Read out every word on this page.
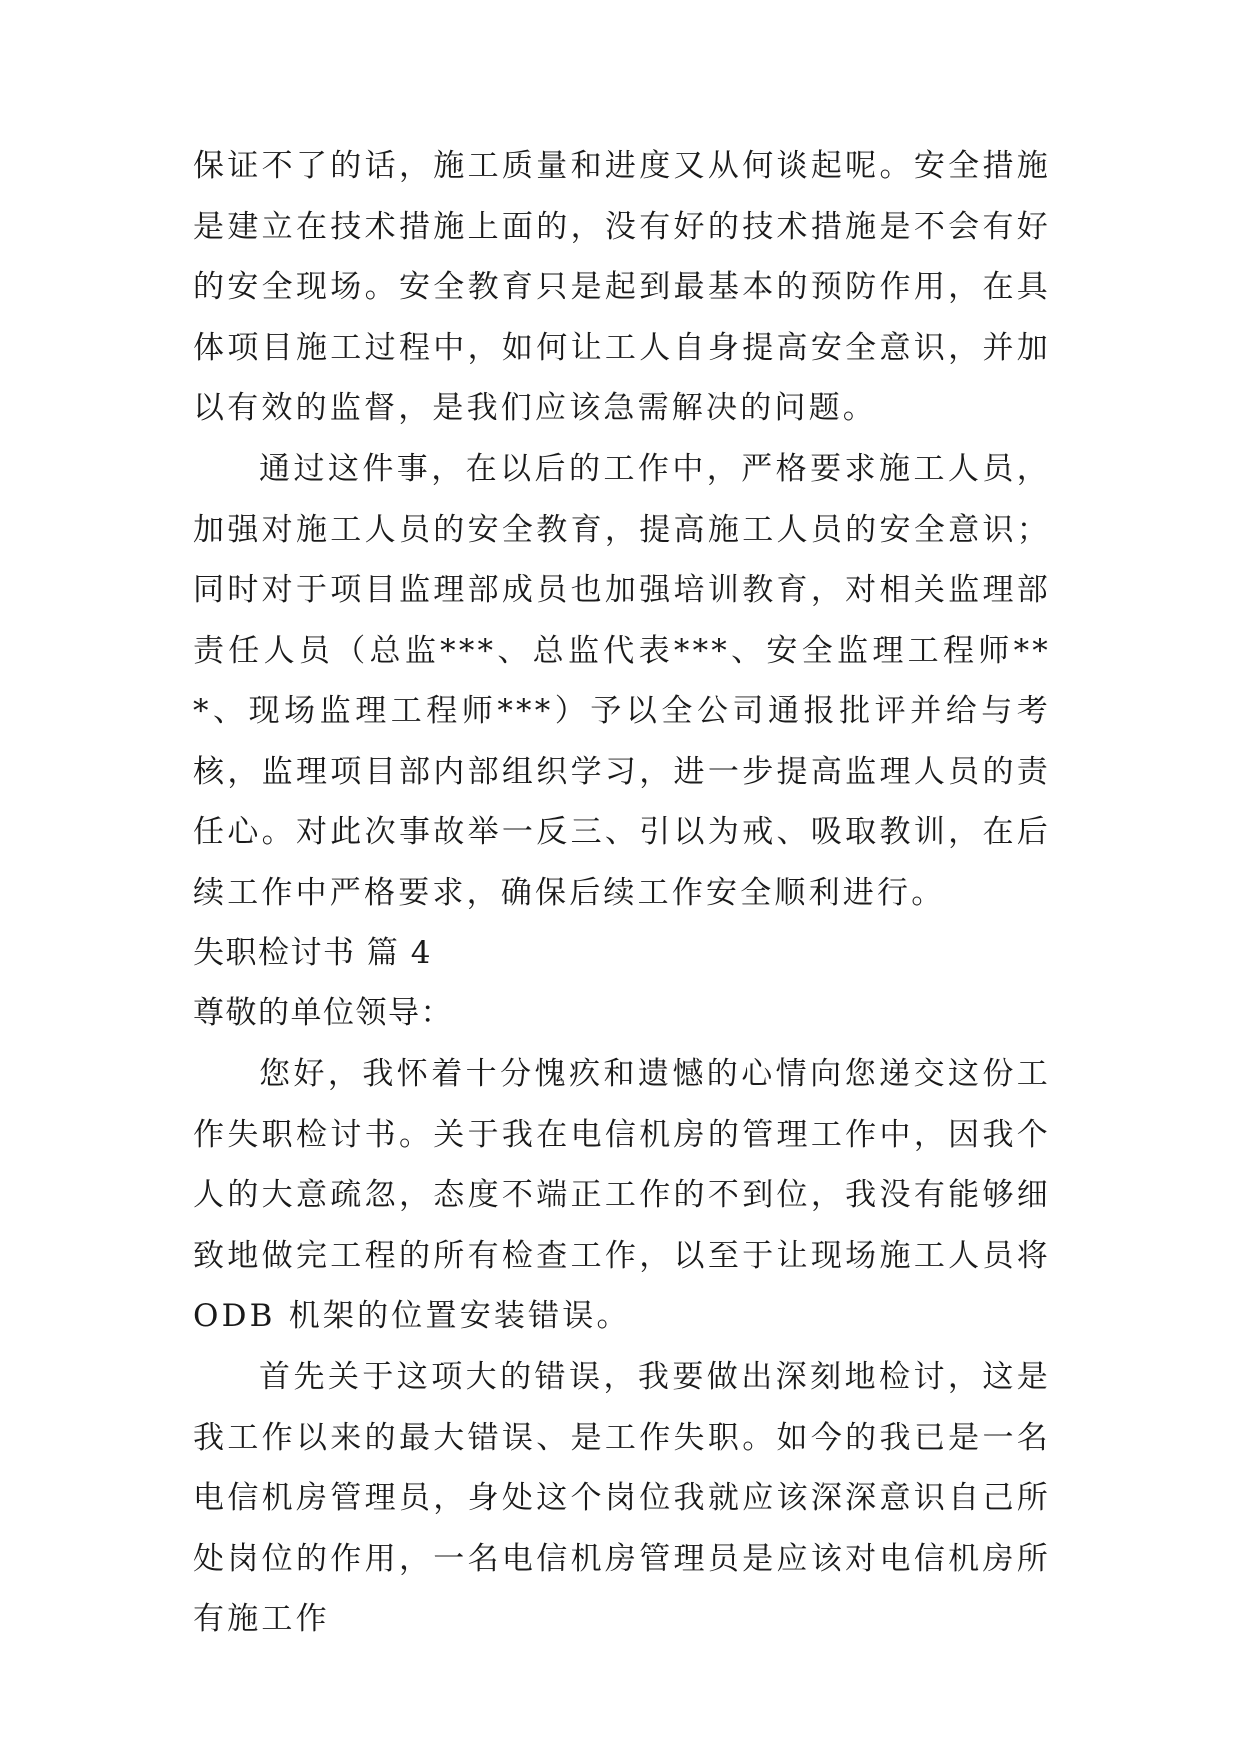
保证不了的话，施工质量和进度又从何谈起呢。安全措施是建立在技术措施上面的，没有好的技术措施是不会有好的安全现场。安全教育只是起到最基本的预防作用，在具体项目施工过程中，如何让工人自身提高安全意识，并加以有效的监督，是我们应该急需解决的问题。

通过这件事，在以后的工作中，严格要求施工人员，加强对施工人员的安全教育，提高施工人员的安全意识；同时对于项目监理部成员也加强培训教育，对相关监理部责任人员（总监***、总监代表***、安全监理工程师***、现场监理工程师***）予以全公司通报批评并给与考核，监理项目部内部组织学习，进一步提高监理人员的责任心。对此次事故举一反三、引以为戒、吸取教训，在后续工作中严格要求，确保后续工作安全顺利进行。

失职检讨书 篇 4

尊敬的单位领导：

您好，我怀着十分愧疚和遗憾的心情向您递交这份工作失职检讨书。关于我在电信机房的管理工作中，因我个人的大意疏忽，态度不端正工作的不到位，我没有能够细致地做完工程的所有检查工作，以至于让现场施工人员将 ODB 机架的位置安装错误。

首先关于这项大的错误，我要做出深刻地检讨，这是我工作以来的最大错误、是工作失职。如今的我已是一名电信机房管理员，身处这个岗位我就应该深深意识自己所处岗位的作用，一名电信机房管理员是应该对电信机房所有施工作
